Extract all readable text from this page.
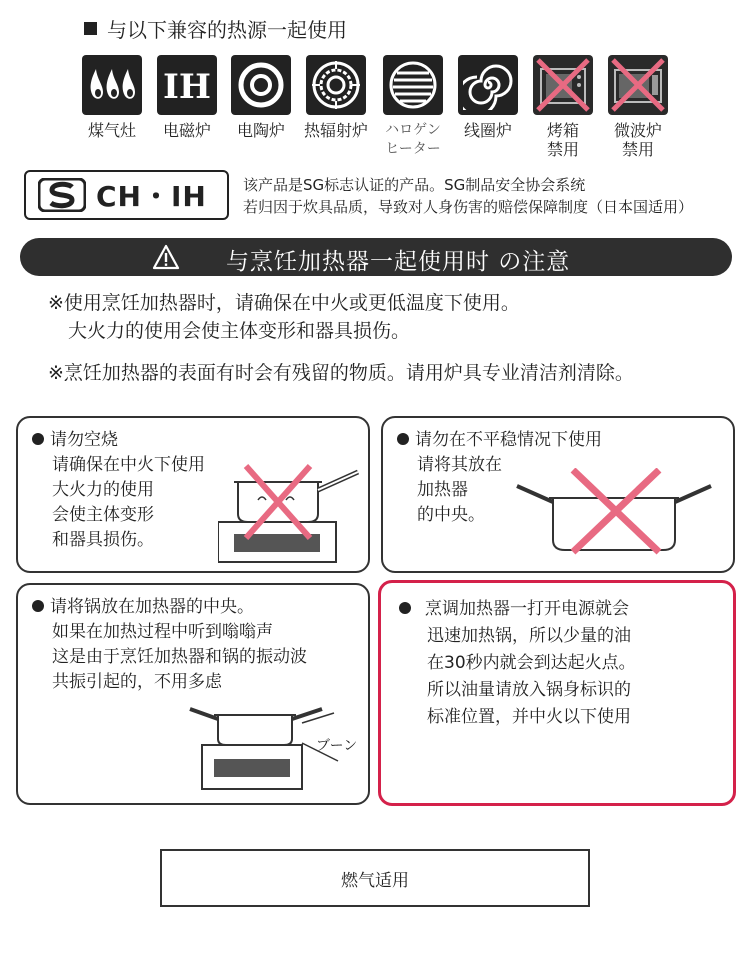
与以下兼容的热源一起使用
IH
煤气灶	电磁炉	电陶炉	热辐射炉	ハロゲン
ヒーター
线圈炉	烤箱
禁用
微波炉
禁用
CH・IH 该产品是SG标志认证的产品。SG制品安全协会系统
若归因于炊具品质，导致对人身伤害的赔偿保障制度（日本国适用）
与烹饪加热器一起使用时 の注意
※使用烹饪加热器时，请确保在中火或更低温度下使用。
大火力的使用会使主体变形和器具损伤。
※烹饪加热器的表面有时会有残留的物质。请用炉具专业清洁剂清除。
请勿空烧
请确保在中火下使用
大火力的使用
会使主体变形
和器具损伤。
请勿在不平稳情况下使用
请将其放在
加热器
的中央。
请将锅放在加热器的中央。
如果在加热过程中听到嗡嗡声
这是由于烹饪加热器和锅的振动波
共振引起的，不用多虑
ブーン
烹调加热器一打开电源就会
迅速加热锅，所以少量的油
在30秒内就会到达起火点。
所以油量请放入锅身标识的
标准位置，并中火以下使用
燃气适用
